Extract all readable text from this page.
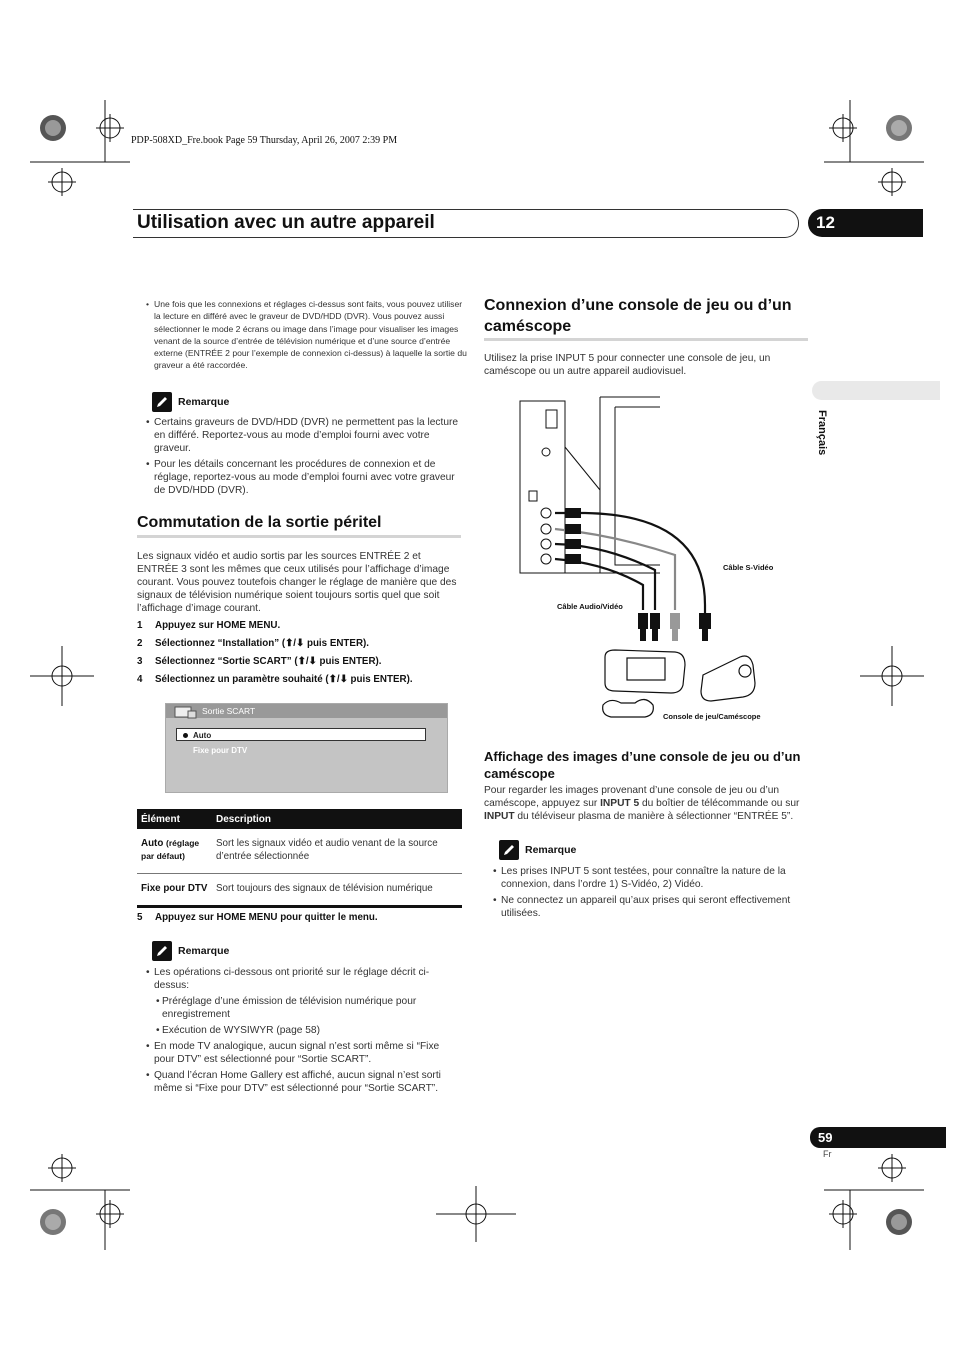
PDP-508XD_Fre.book Page 59 Thursday, April 26, 2007 2:39 PM
Utilisation avec un autre appareil	12
Français
• Une fois que les connexions et réglages ci-dessus sont faits, vous pouvez utiliser la lecture en différé avec le graveur de DVD/HDD (DVR). Vous pouvez aussi sélectionner le mode 2 écrans ou image dans l’image pour visualiser les images venant de la source d’entrée de télévision numérique et d’une source d’entrée externe (ENTRÉE 2 pour l’exemple de connexion ci-dessus) à laquelle la sortie du graveur a été raccordée.
Remarque
• Certains graveurs de DVD/HDD (DVR) ne permettent pas la lecture en différé. Reportez-vous au mode d’emploi fourni avec votre graveur.
• Pour les détails concernant les procédures de connexion et de réglage, reportez-vous au mode d’emploi fourni avec votre graveur de DVD/HDD (DVR).
Commutation de la sortie péritel
Les signaux vidéo et audio sortis par les sources ENTRÉE 2 et ENTRÉE 3 sont les mêmes que ceux utilisés pour l’affichage d’image courant. Vous pouvez toutefois changer le réglage de manière que des signaux de télévision numérique soient toujours sortis quel que soit l’affichage d’image courant.
1	Appuyez sur HOME MENU.
2	Sélectionnez “Installation” (⬆/⬇ puis ENTER).
3	Sélectionnez “Sortie SCART” (⬆/⬇ puis ENTER).
4	Sélectionnez un paramètre souhaité (⬆/⬇ puis ENTER).
Sortie SCART
Auto
Fixe pour DTV
Élément	Description
Auto (réglage par défaut)	Sort les signaux vidéo et audio venant de la source d’entrée sélectionnée
Fixe pour DTV	Sort toujours des signaux de télévision numérique
5	Appuyez sur HOME MENU pour quitter le menu.
Remarque
• Les opérations ci-dessous ont priorité sur le réglage décrit ci-dessus:
• Préréglage d’une émission de télévision numérique pour enregistrement
• Exécution de WYSIWYR (page 58)
• En mode TV analogique, aucun signal n’est sorti même si “Fixe pour DTV” est sélectionné pour “Sortie SCART”.
• Quand l’écran Home Gallery est affiché, aucun signal n’est sorti même si “Fixe pour DTV” est sélectionné pour “Sortie SCART”.
Connexion d’une console de jeu ou d’un caméscope
Utilisez la prise INPUT 5 pour connecter une console de jeu, un caméscope ou un autre appareil audiovisuel.
Câble S-Vidéo
Câble Audio/Vidéo
Console de jeu/Caméscope
Affichage des images d’une console de jeu ou d’un caméscope
Pour regarder les images provenant d’une console de jeu ou d’un caméscope, appuyez sur INPUT 5 du boîtier de télécommande ou sur INPUT du téléviseur plasma de manière à sélectionner “ENTRÉE 5”.
Remarque
• Les prises INPUT 5 sont testées, pour connaître la nature de la connexion, dans l’ordre 1) S-Vidéo, 2) Vidéo.
• Ne connectez un appareil qu’aux prises qui seront effectivement utilisées.
59
Fr
